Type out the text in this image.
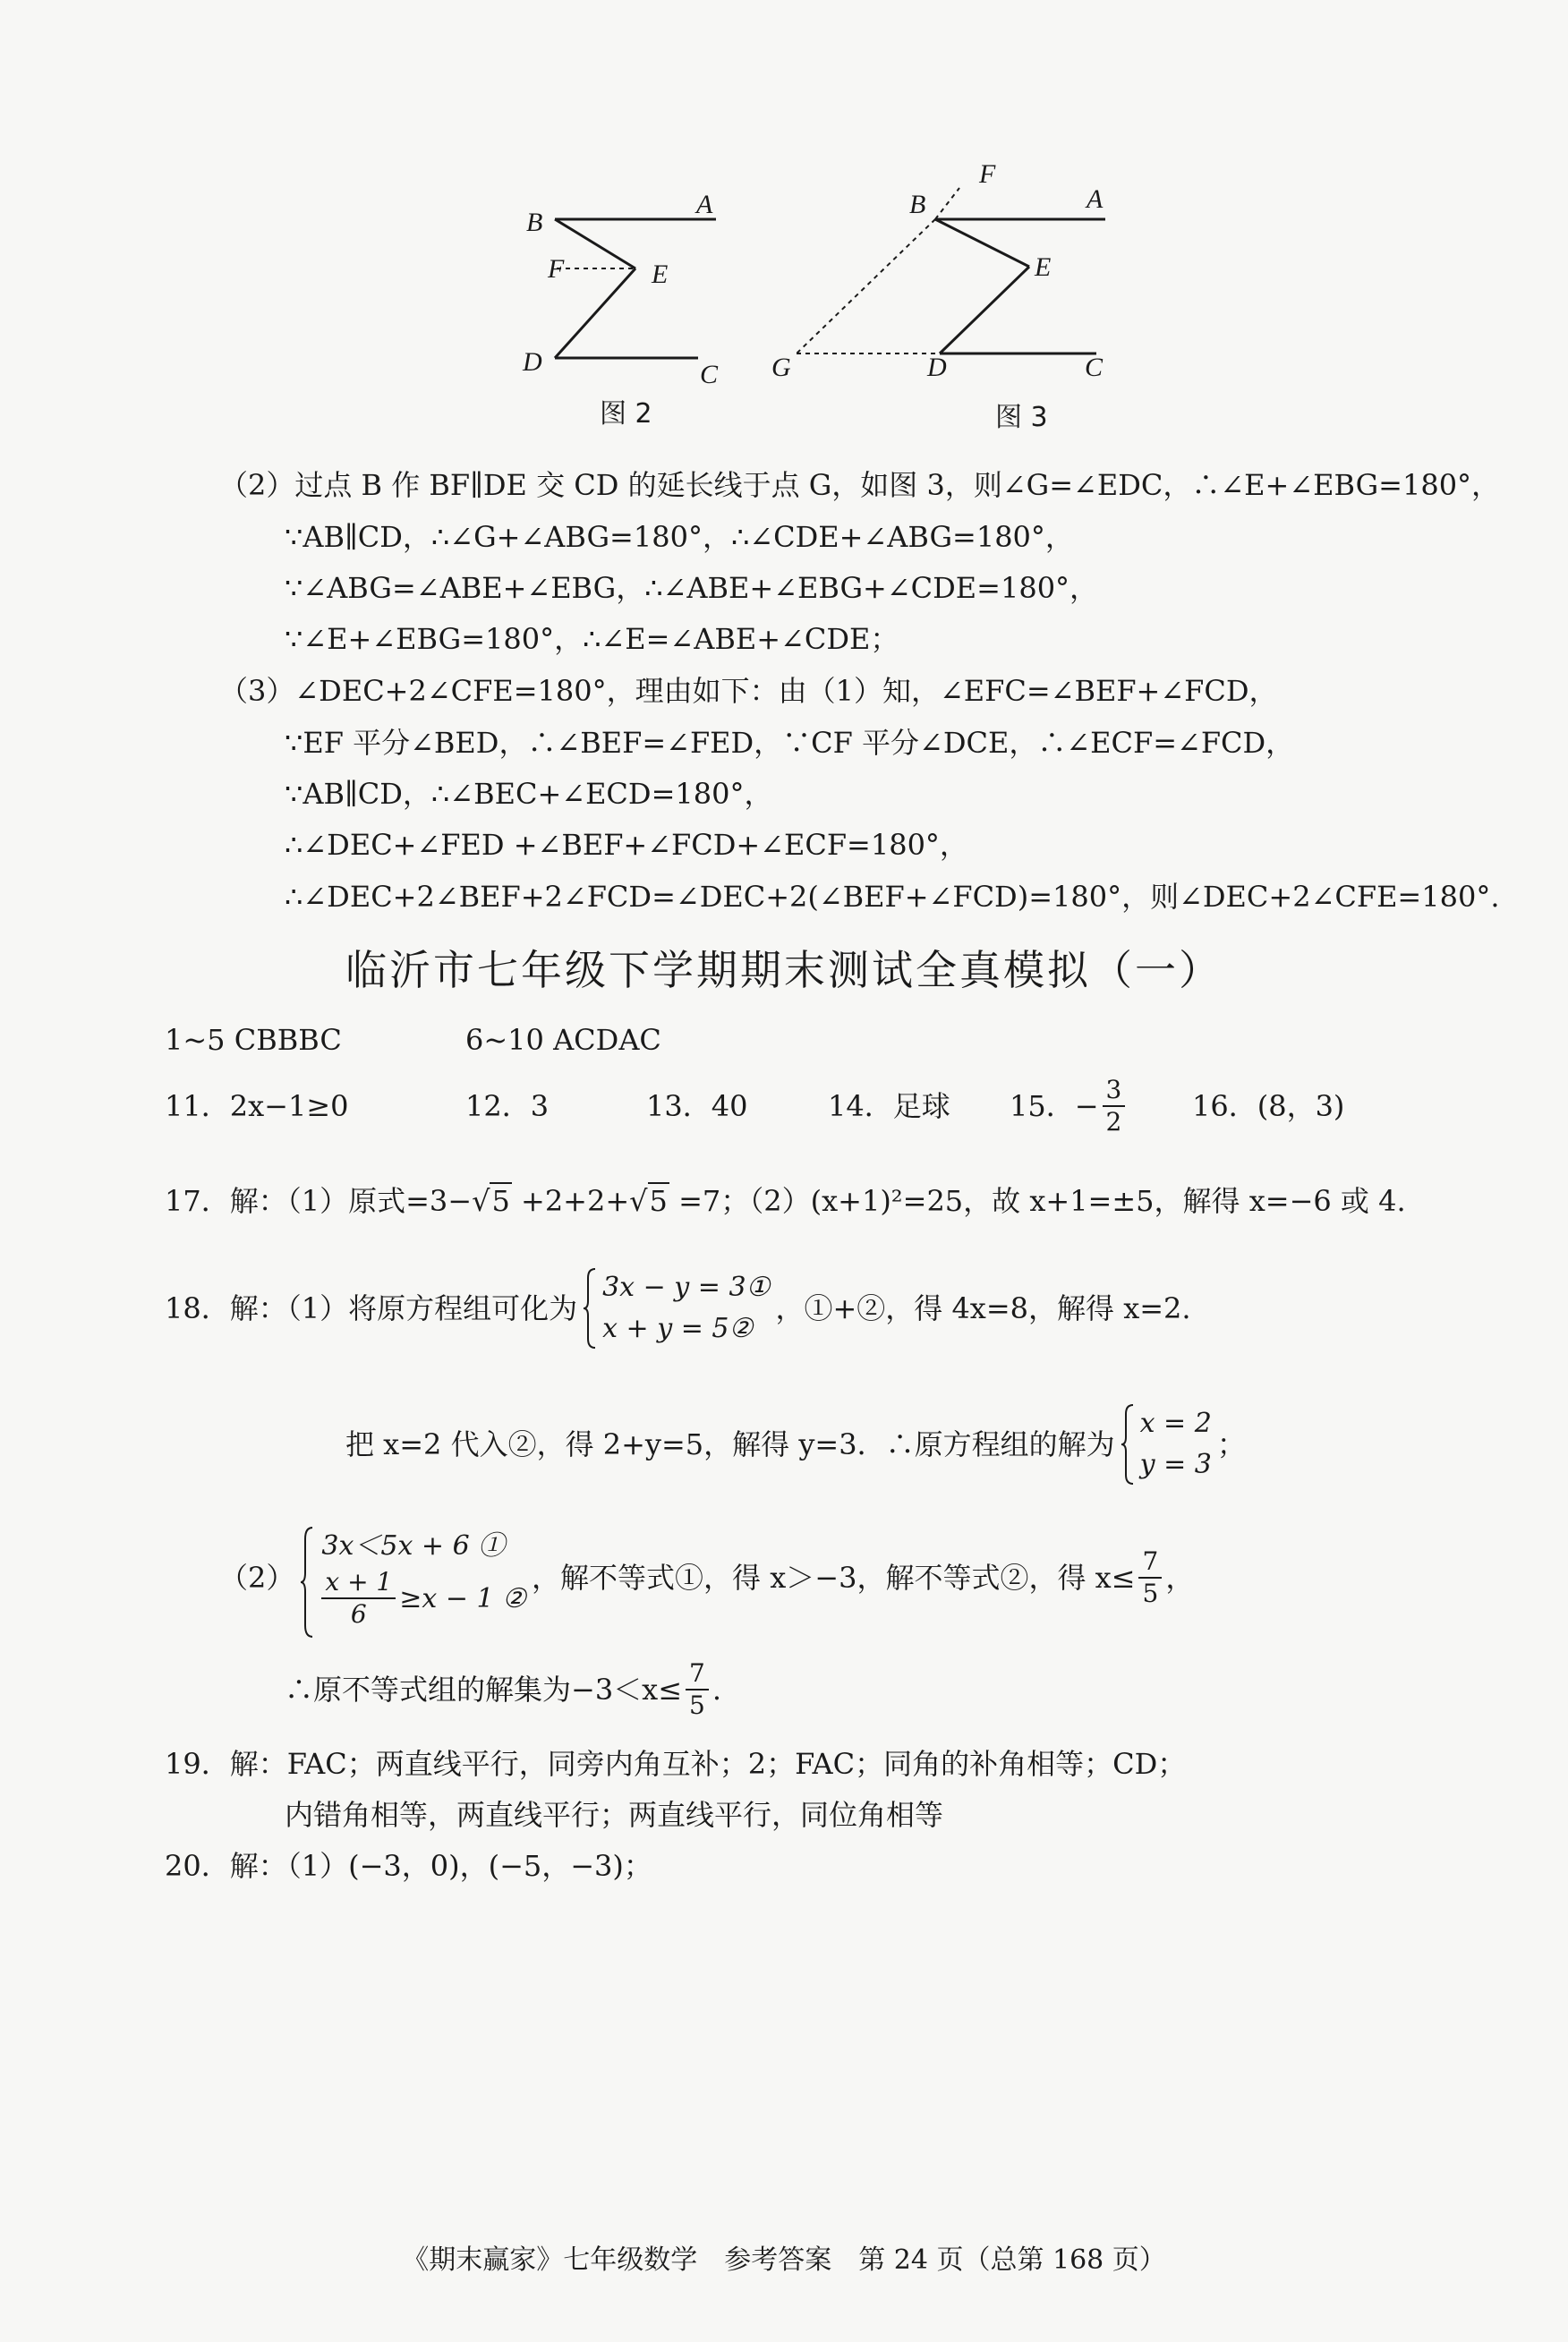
B
A
F	E
D	C
图 2
F
B	A
E
G	D	C
图 3
（2）过点 B 作 BF∥DE 交 CD 的延长线于点 G，如图 3，则∠G=∠EDC，∴∠E+∠EBG=180°，
∵AB∥CD，∴∠G+∠ABG=180°，∴∠CDE+∠ABG=180°，
∵∠ABG=∠ABE+∠EBG，∴∠ABE+∠EBG+∠CDE=180°，
∵∠E+∠EBG=180°，∴∠E=∠ABE+∠CDE；
（3）∠DEC+2∠CFE=180°，理由如下：由（1）知，∠EFC=∠BEF+∠FCD，
∵EF 平分∠BED，∴∠BEF=∠FED，∵CF 平分∠DCE，∴∠ECF=∠FCD，
∵AB∥CD，∴∠BEC+∠ECD=180°，
∴∠DEC+∠FED +∠BEF+∠FCD+∠ECF=180°，
∴∠DEC+2∠BEF+2∠FCD=∠DEC+2(∠BEF+∠FCD)=180°，则∠DEC+2∠CFE=180°.
临沂市七年级下学期期末测试全真模拟（一）
1~5 CBBBC	6~10 ACDAC
11．2x−1≥0	12．3	13．40	14．足球 15．− $\frac{3}{2} 16$．(8，3)
17．解：（1）原式=3−√5 +2+2+√5 =7；（2）(x+1)²=25，故 x+1=±5，解得 x=−6 或 4.
18．解：（1）将原方程组可化为
3x − y = 3①
x + y = 5②
，①+②，得 4x=8，解得 x=2.
把 x=2 代入②，得 2+y=5，解得 y=3．∴原方程组的解为
x = 2
y = 3
；
（2）
3x＜5x + 6 ①
$\frac{x + 1}{6} \ge x - 1$ ②
，解不等式①，得 x＞−3，解不等式②，得 $x\le \frac{7}{5}$ ，
∴原不等式组的解集为$-3<x\le \frac{7}{5}$ .
19．解：FAC；两直线平行，同旁内角互补；2；FAC；同角的补角相等；CD；
内错角相等，两直线平行；两直线平行，同位角相等
20．解：（1）(−3，0)，(−5，−3)；
《期末赢家》七年级数学　参考答案　第 24 页（总第 168 页）
